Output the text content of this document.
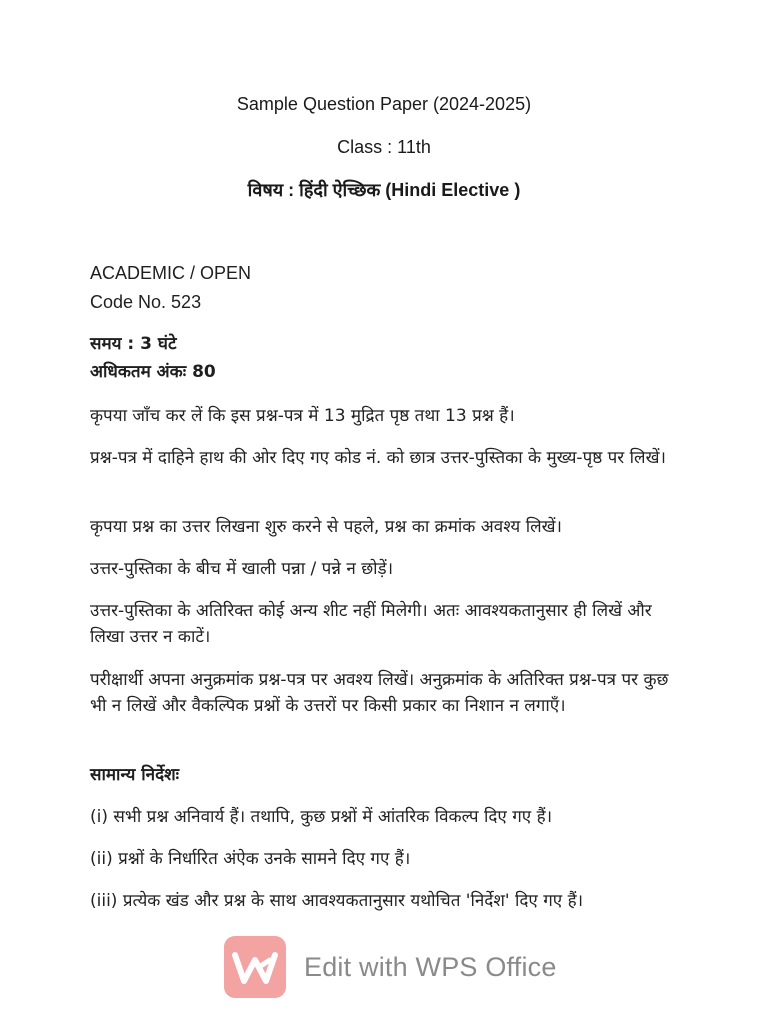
Sample Question Paper (2024-2025)
Class : 11th
विषय : हिंदी ऐच्छिक (Hindi Elective )
ACADEMIC / OPEN
Code No. 523
समय : 3 घंटे
अधिकतम अंकः 80
कृपया जाँच कर लें कि इस प्रश्न-पत्र में 13 मुद्रित पृष्ठ तथा 13 प्रश्न हैं।
प्रश्न-पत्र में दाहिने हाथ की ओर दिए गए कोड नं. को छात्र उत्तर-पुस्तिका के मुख्य-पृष्ठ पर लिखें।
कृपया प्रश्न का उत्तर लिखना शुरु करने से पहले, प्रश्न का क्रमांक अवश्य लिखें।
उत्तर-पुस्तिका के बीच में खाली पन्ना / पन्ने न छोड़ें।
उत्तर-पुस्तिका के अतिरिक्त कोई अन्य शीट नहीं मिलेगी। अतः आवश्यकतानुसार ही लिखें और लिखा उत्तर न काटें।
परीक्षार्थी अपना अनुक्रमांक प्रश्न-पत्र पर अवश्य लिखें। अनुक्रमांक के अतिरिक्त प्रश्न-पत्र पर कुछ भी न लिखें और वैकल्पिक प्रश्नों के उत्तरों पर किसी प्रकार का निशान न लगाएँ।
सामान्य निर्देशः
(i) सभी प्रश्न अनिवार्य हैं। तथापि, कुछ प्रश्नों में आंतरिक विकल्प दिए गए हैं।
(ii) प्रश्नों के निर्धारित अंऐक उनके सामने दिए गए हैं।
(iii) प्रत्येक खंड और प्रश्न के साथ आवश्यकतानुसार यथोचित 'निर्देश' दिए गए हैं।
Edit with WPS Office
